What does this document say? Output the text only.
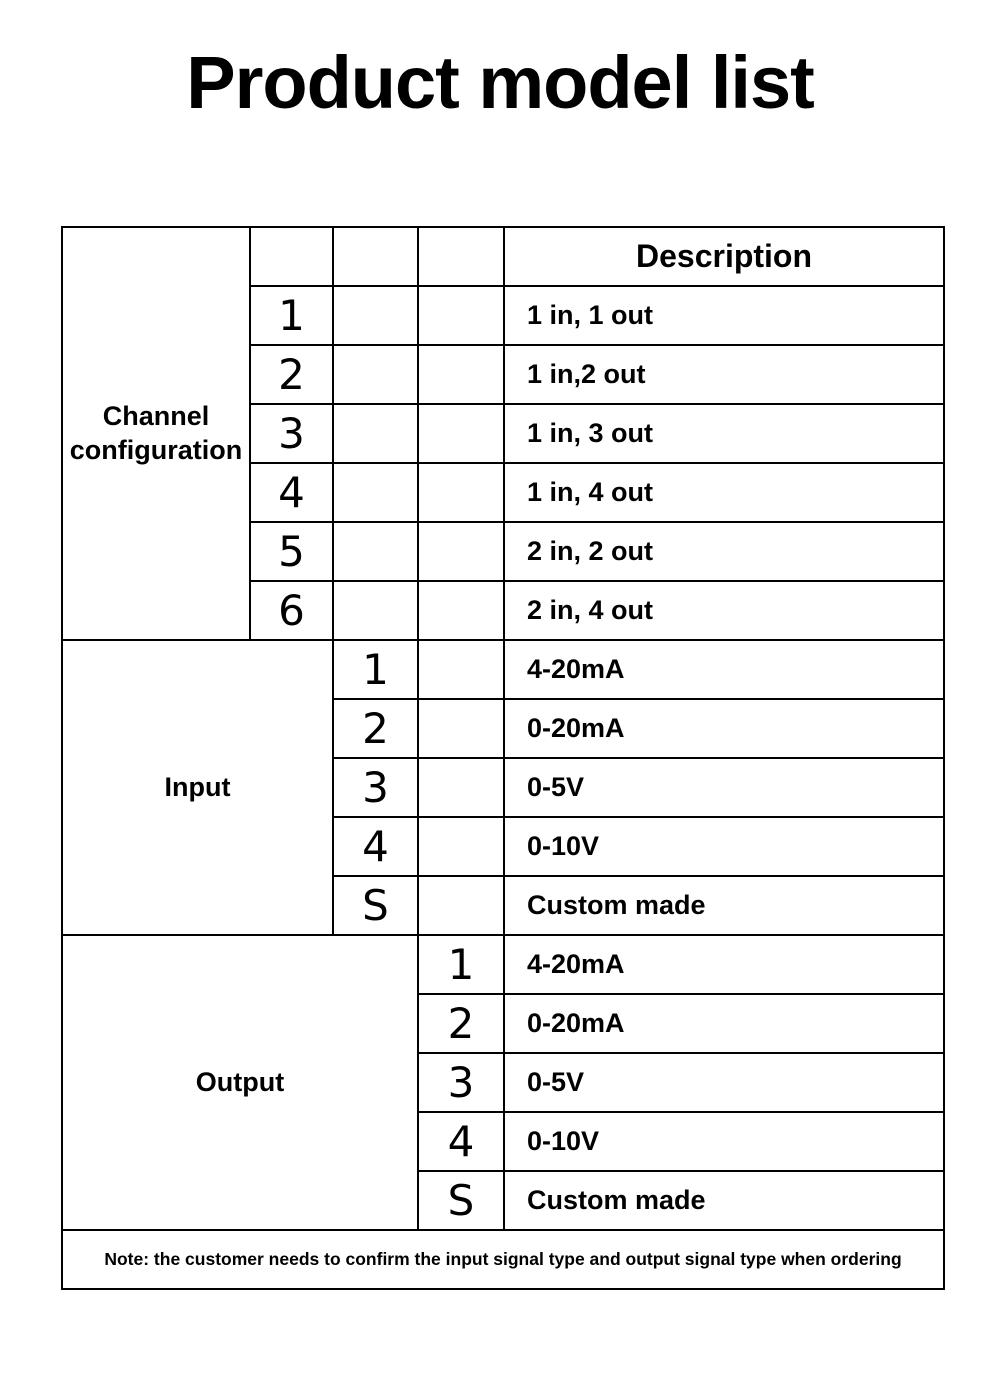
Product model list
Channel
configuration				Description
	1			1 in, 1 out
	2			1 in,2 out
	3			1 in, 3 out
	4			1 in, 4 out
	5			2 in, 2 out
	6			2 in, 4 out
Input		1		4-20mA
		2		0-20mA
		3		0-5V
		4		0-10V
		S		Custom made
Output			1	4-20mA
			2	0-20mA
			3	0-5V
			4	0-10V
			S	Custom made
Note: the customer needs to confirm the input signal type and output signal type when ordering				
